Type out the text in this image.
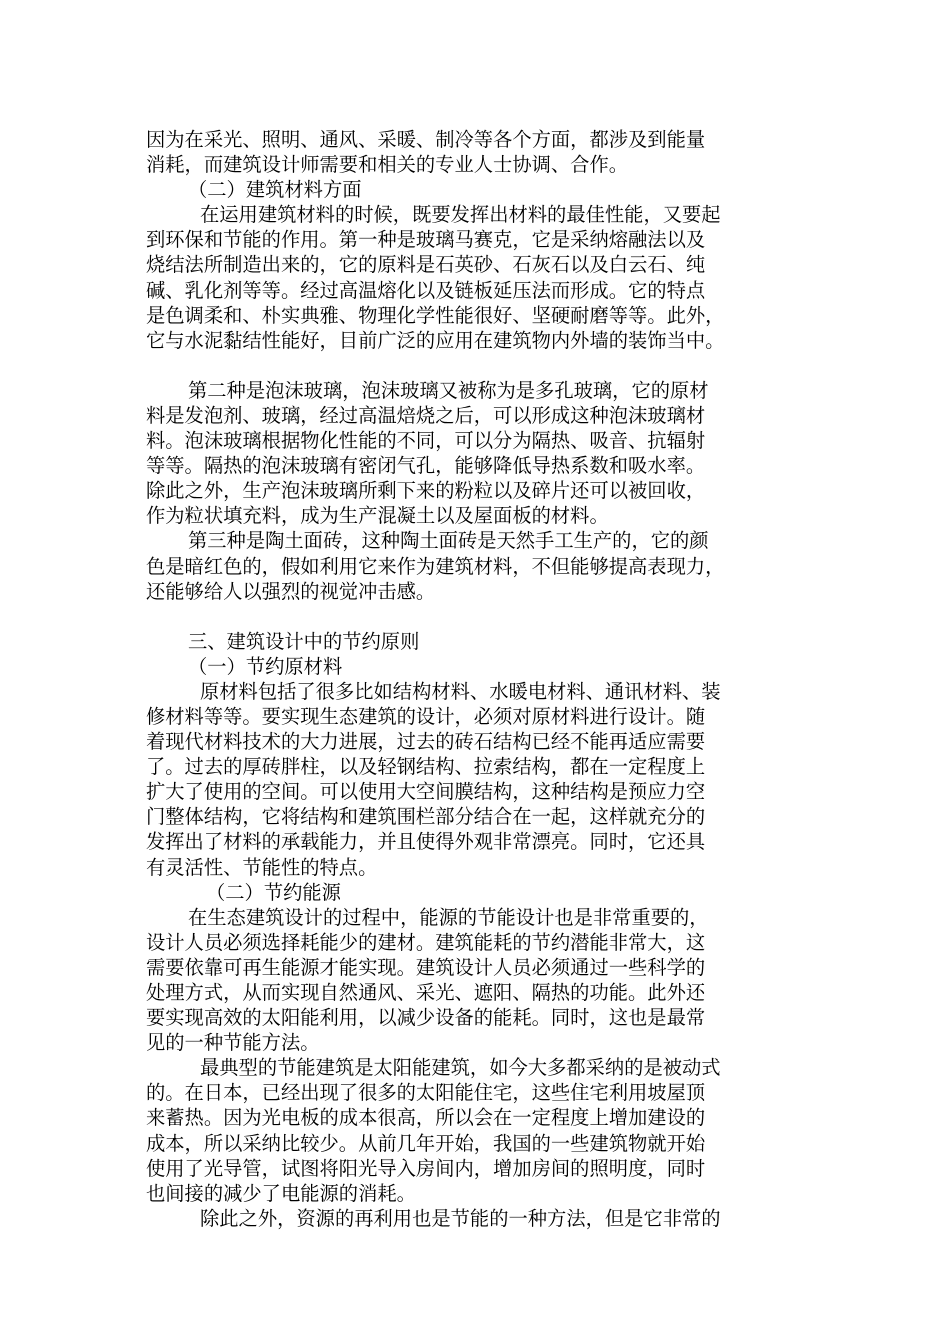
因为在采光、照明、通风、采暖、制冷等各个方面，都涉及到能量
消耗，而建筑设计师需要和相关的专业人士协调、合作。

（二）建筑材料方面

在运用建筑材料的时候，既要发挥出材料的最佳性能，又要起
到环保和节能的作用。第一种是玻璃马赛克，它是采纳熔融法以及
烧结法所制造出来的，它的原料是石英砂、石灰石以及白云石、纯
碱、乳化剂等等。经过高温熔化以及链板延压法而形成。它的特点
是色调柔和、朴实典雅、物理化学性能很好、坚硬耐磨等等。此外，
它与水泥黏结性能好，目前广泛的应用在建筑物内外墙的装饰当中。

第二种是泡沫玻璃，泡沫玻璃又被称为是多孔玻璃，它的原材
料是发泡剂、玻璃，经过高温焙烧之后，可以形成这种泡沫玻璃材
料。泡沫玻璃根据物化性能的不同，可以分为隔热、吸音、抗辐射
等等。隔热的泡沫玻璃有密闭气孔，能够降低导热系数和吸水率。
除此之外，生产泡沫玻璃所剩下来的粉粒以及碎片还可以被回收，
作为粒状填充料，成为生产混凝土以及屋面板的材料。

第三种是陶土面砖，这种陶土面砖是天然手工生产的，它的颜
色是暗红色的，假如利用它来作为建筑材料，不但能够提高表现力，
还能够给人以强烈的视觉冲击感。

三、建筑设计中的节约原则

（一）节约原材料

原材料包括了很多比如结构材料、水暖电材料、通讯材料、装
修材料等等。要实现生态建筑的设计，必须对原材料进行设计。随
着现代材料技术的大力进展，过去的砖石结构已经不能再适应需要
了。过去的厚砖胖柱，以及轻钢结构、拉索结构，都在一定程度上
扩大了使用的空间。可以使用大空间膜结构，这种结构是预应力空
门整体结构，它将结构和建筑围栏部分结合在一起，这样就充分的
发挥出了材料的承载能力，并且使得外观非常漂亮。同时，它还具
有灵活性、节能性的特点。

（二）节约能源

在生态建筑设计的过程中，能源的节能设计也是非常重要的，
设计人员必须选择耗能少的建材。建筑能耗的节约潜能非常大，这
需要依靠可再生能源才能实现。建筑设计人员必须通过一些科学的
处理方式，从而实现自然通风、采光、遮阳、隔热的功能。此外还
要实现高效的太阳能利用，以减少设备的能耗。同时，这也是最常
见的一种节能方法。

最典型的节能建筑是太阳能建筑，如今大多都采纳的是被动式
的。在日本，已经出现了很多的太阳能住宅，这些住宅利用坡屋顶
来蓄热。因为光电板的成本很高，所以会在一定程度上增加建设的
成本，所以采纳比较少。从前几年开始，我国的一些建筑物就开始
使用了光导管，试图将阳光导入房间内，增加房间的照明度，同时
也间接的减少了电能源的消耗。

除此之外，资源的再利用也是节能的一种方法，但是它非常的
